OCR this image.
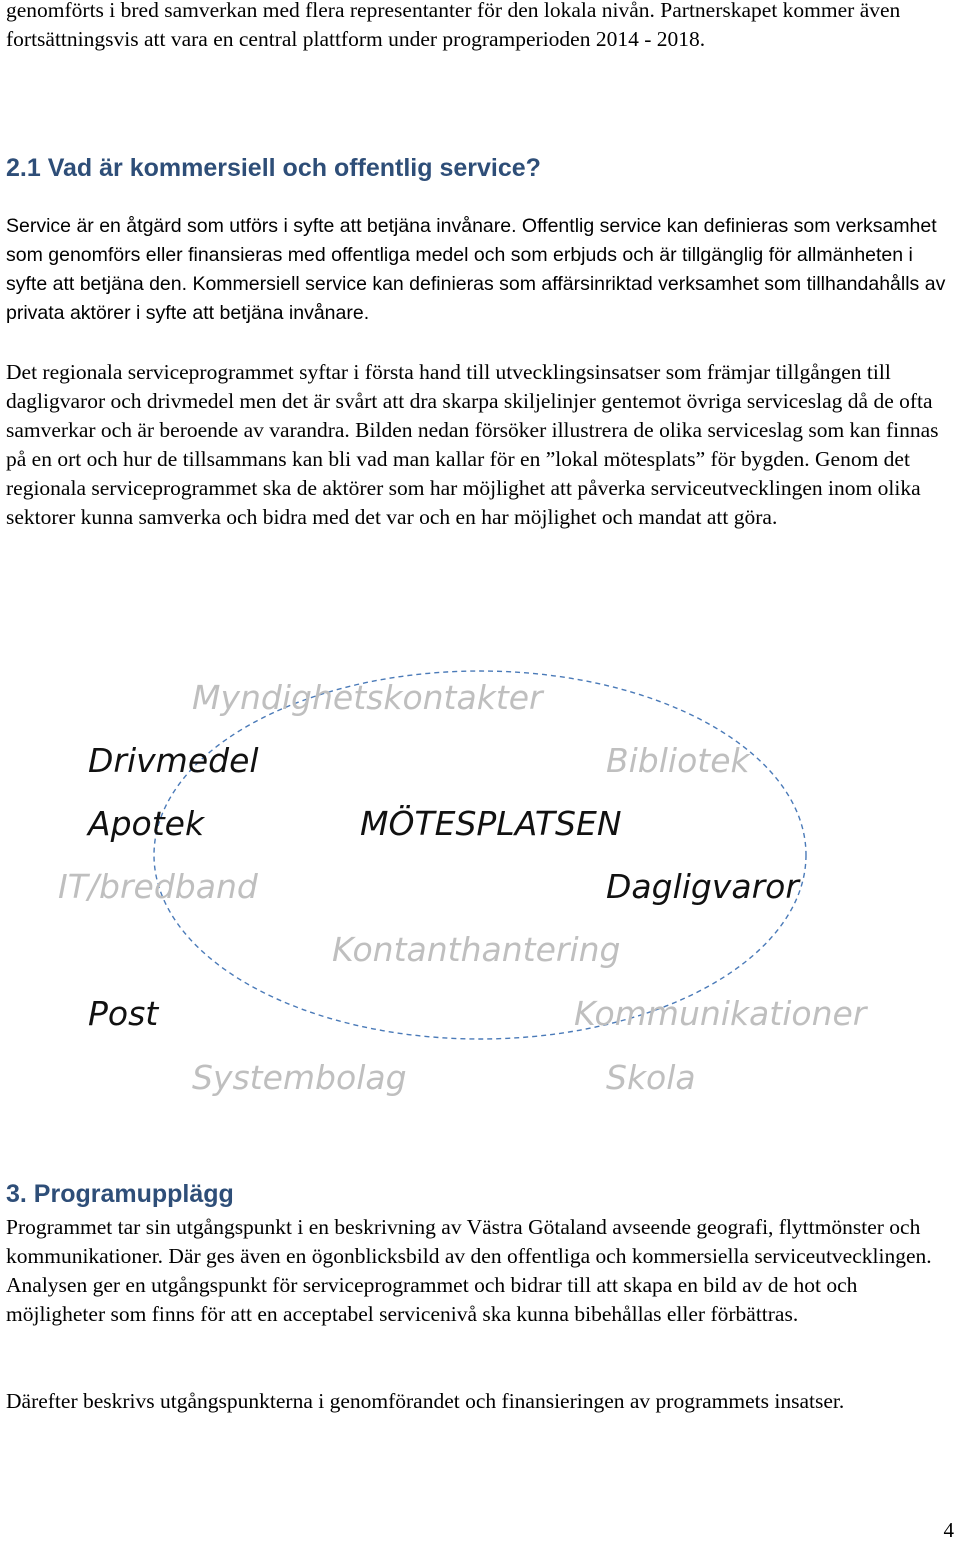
genomförts i bred samverkan med flera representanter för den lokala nivån. Partnerskapet kommer även fortsättningsvis att vara en central plattform under programperioden 2014 - 2018.

2.1 Vad är kommersiell och offentlig service?

Service är en åtgärd som utförs i syfte att betjäna invånare. Offentlig service kan definieras som verksamhet som genomförs eller finansieras med offentliga medel och som erbjuds och är tillgänglig för allmänheten i syfte att betjäna den. Kommersiell service kan definieras som affärsinriktad verksamhet som tillhandahålls av privata aktörer i syfte att betjäna invånare.

Det regionala serviceprogrammet syftar i första hand till utvecklingsinsatser som främjar tillgången till dagligvaror och drivmedel men det är svårt att dra skarpa skiljelinjer gentemot övriga serviceslag då de ofta samverkar och är beroende av varandra. Bilden nedan försöker illustrera de olika serviceslag som kan finnas på en ort och hur de tillsammans kan bli vad man kallar för en ”lokal mötesplats” för bygden. Genom det regionala serviceprogrammet ska de aktörer som har möjlighet att påverka serviceutvecklingen inom olika sektorer kunna samverka och bidra med det var och en har möjlighet och mandat att göra.

Myndighetskontakter
Drivmedel	Bibliotek
Apotek	MÖTESPLATSEN
IT/bredband	Dagligvaror
Kontanthantering
Post	Kommunikationer
Systembolag	Skola
3. Programupplägg

Programmet tar sin utgångspunkt i en beskrivning av Västra Götaland avseende geografi, flyttmönster och kommunikationer. Där ges även en ögonblicksbild av den offentliga och kommersiella serviceutvecklingen. Analysen ger en utgångspunkt för serviceprogrammet och bidrar till att skapa en bild av de hot och möjligheter som finns för att en acceptabel servicenivå ska kunna bibehållas eller förbättras.

Därefter beskrivs utgångspunkterna i genomförandet och finansieringen av programmets insatser.

4
